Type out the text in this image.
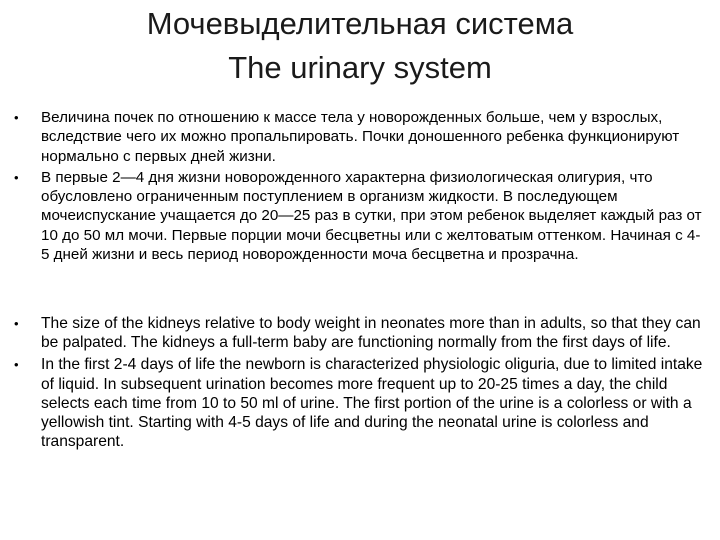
Мочевыделительная система
The urinary system
•	Величина почек по отношению к массе тела у новорожденных больше, чем у взрослых, вследствие чего их можно пропальпировать. Почки доношенного ребенка функционируют нормально с первых дней жизни.
•	В первые 2—4 дня жизни новорожденного характерна физиологическая олигурия, что обусловлено ограниченным поступлением в организм жидкости. В последующем мочеиспускание учащается до 20—25 раз в сутки, при этом ребенок выделяет каждый раз от 10 до 50 мл мочи. Первые порции мочи бесцветны или с желтоватым оттенком. Начиная с 4-5 дней жизни и весь период новорожденности моча бесцветна и прозрачна.
•	The size of the kidneys relative to body weight in neonates more than in adults, so that they can be palpated. The kidneys a full-term baby are functioning normally from the first days of life.
•	In the first 2-4 days of life the newborn is characterized physiologic oliguria, due to limited intake of liquid. In subsequent urination becomes more frequent up to 20-25 times a day, the child selects each time from 10 to 50 ml of urine. The first portion of the urine is a colorless or with a yellowish tint. Starting with 4-5 days of life and during the neonatal urine is colorless and transparent.
